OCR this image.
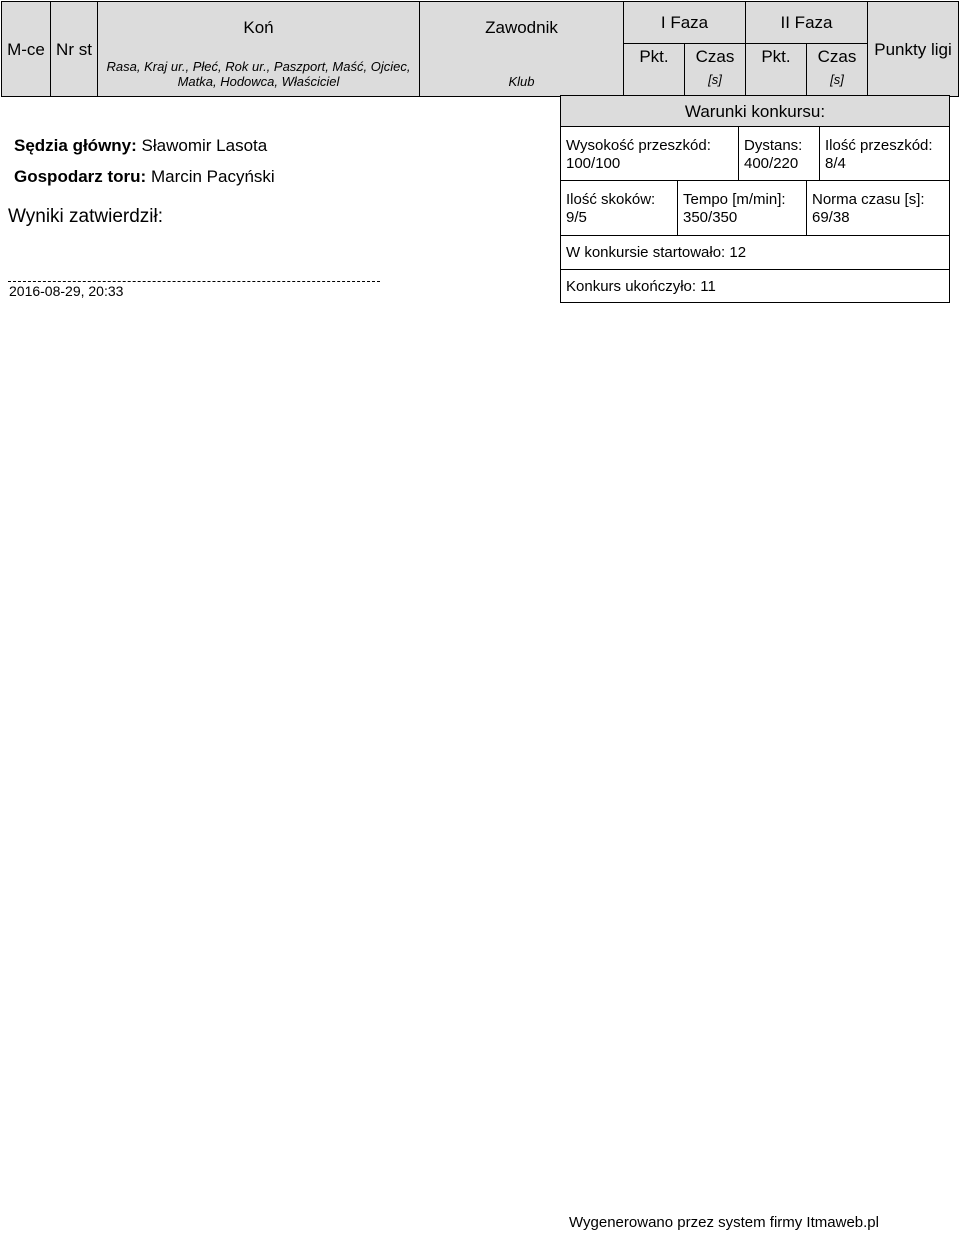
M-ce Nr st
Koń
Rasa, Kraj ur., Płeć, Rok ur., Paszport, Maść, Ojciec,
Matka, Hodowca, Właściciel
Zawodnik
Klub
I Faza
Pkt.	Czas
[s]
II Faza
Pkt.	Czas
[s]
Punkty ligi
Sędzia główny: Sławomir Lasota
Gospodarz toru: Marcin Pacyński
Wyniki zatwierdził:
2016-08-29, 20:33
Warunki konkursu:
Wysokość przeszkód:
100/100
Dystans:
400/220
Ilość przeszkód:
8/4
Ilość skoków:
9/5
Tempo [m/min]:
350/350
Norma czasu [s]:
69/38
W konkursie startowało: 12
Konkurs ukończyło: 11
Wygenerowano przez system firmy Itmaweb.pl
